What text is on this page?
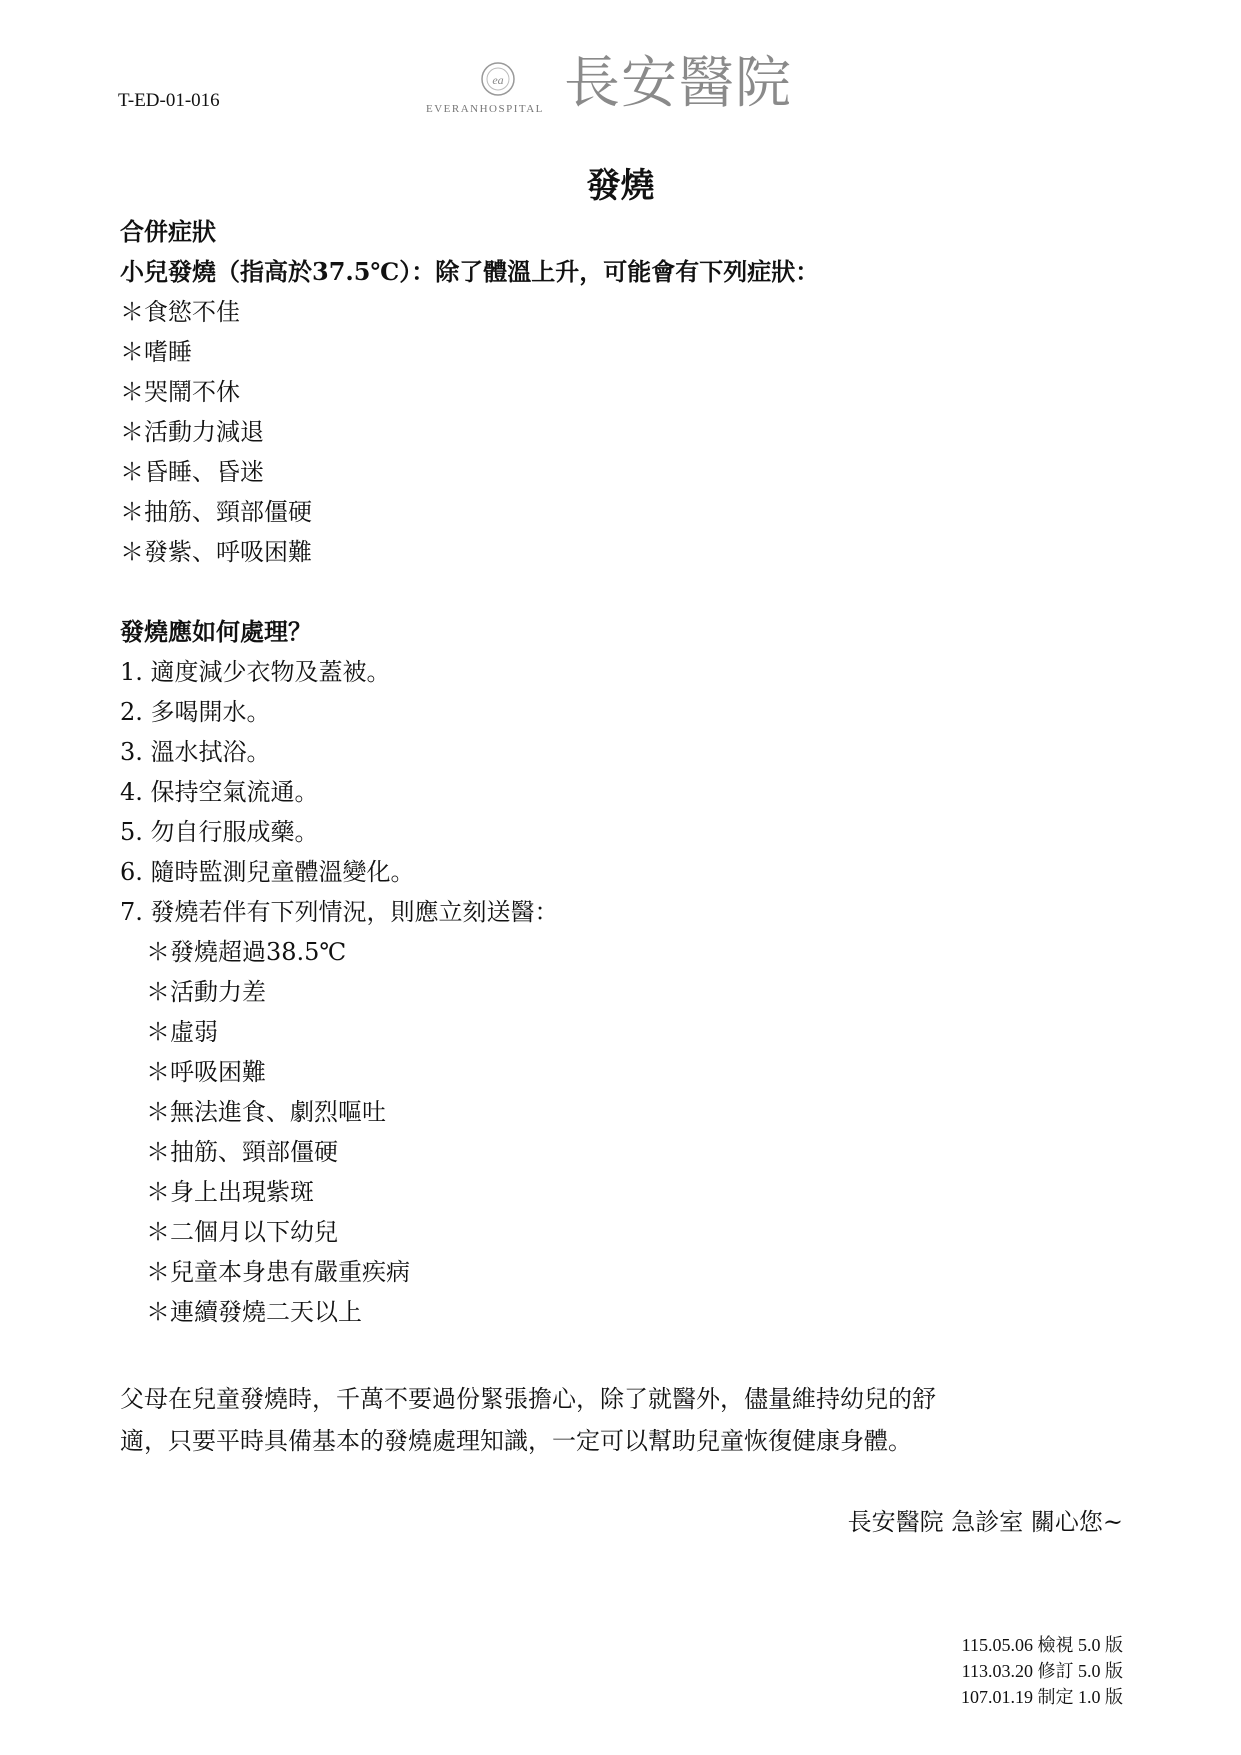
T-ED-01-016
ea
EVERANHOSPITAL 長安醫院
發燒
合併症狀
小兒發燒（指高於37.5℃）：除了體溫上升，可能會有下列症狀：
＊食慾不佳
＊嗜睡
＊哭鬧不休
＊活動力減退
＊昏睡、昏迷
＊抽筋、頸部僵硬
＊發紫、呼吸困難
發燒應如何處理？
1. 適度減少衣物及蓋被。
2. 多喝開水。
3. 溫水拭浴。
4. 保持空氣流通。
5. 勿自行服成藥。
6. 隨時監測兒童體溫變化。
7. 發燒若伴有下列情況，則應立刻送醫：
＊發燒超過38.5℃
＊活動力差
＊虛弱
＊呼吸困難
＊無法進食、劇烈嘔吐
＊抽筋、頸部僵硬
＊身上出現紫斑
＊二個月以下幼兒
＊兒童本身患有嚴重疾病
＊連續發燒二天以上
父母在兒童發燒時，千萬不要過份緊張擔心，除了就醫外，儘量維持幼兒的舒
適，只要平時具備基本的發燒處理知識，一定可以幫助兒童恢復健康身體。
長安醫院 急診室 關心您~
115.05.06 檢視 5.0 版
113.03.20 修訂 5.0 版
107.01.19 制定 1.0 版
